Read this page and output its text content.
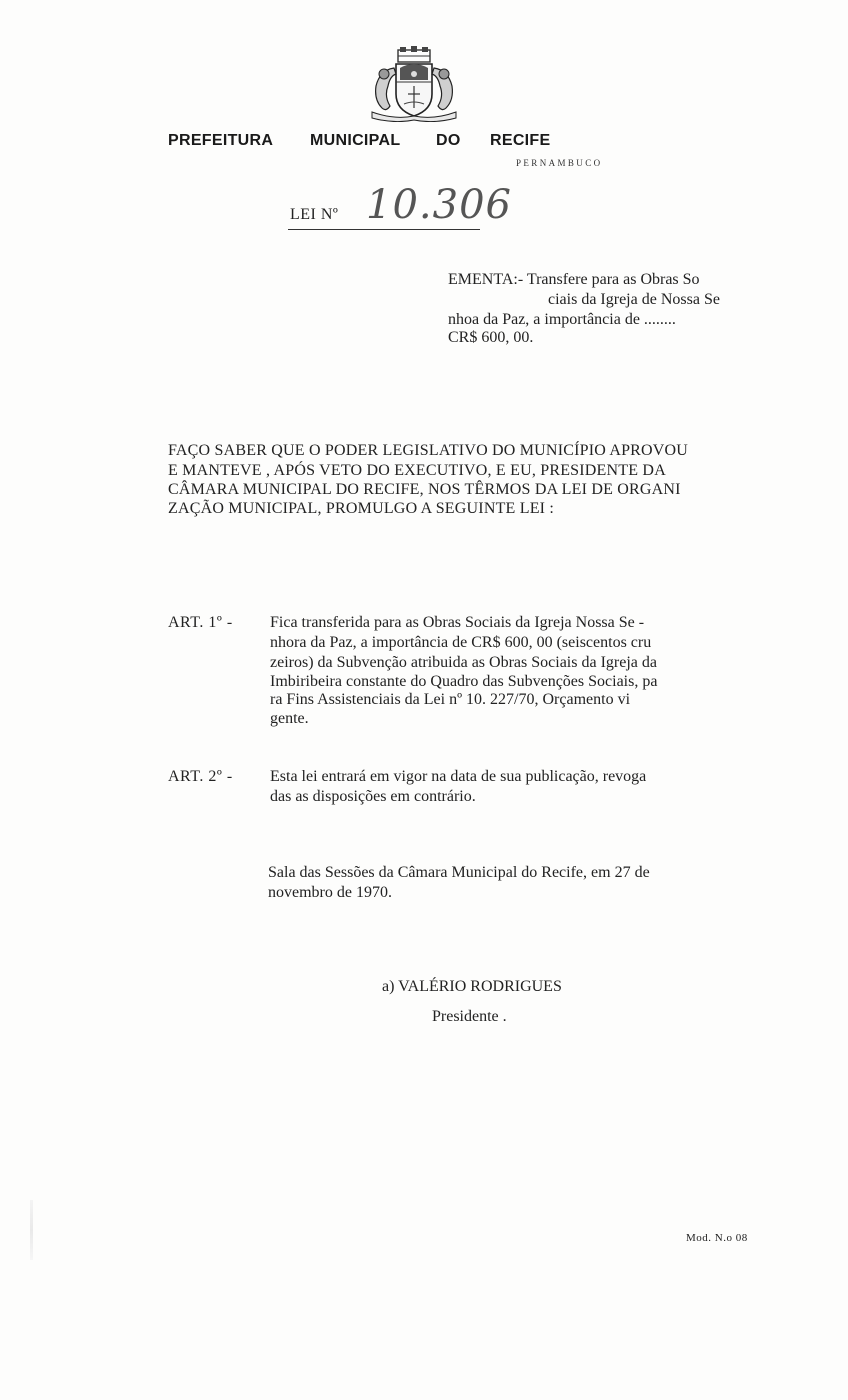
PREFEITURA MUNICIPAL DO RECIFE
PERNAMBUCO
LEI Nº 10.306
EMENTA:- Transfere para as Obras So
ciais da Igreja de Nossa Se
nhoa da Paz, a importância de ........
CR$ 600, 00.
FAÇO SABER QUE O PODER LEGISLATIVO DO MUNICÍPIO APROVOU
E MANTEVE , APÓS VETO DO EXECUTIVO, E EU, PRESIDENTE DA
CÂMARA MUNICIPAL DO RECIFE, NOS TÊRMOS DA LEI DE ORGANI
ZAÇÃO MUNICIPAL, PROMULGO A SEGUINTE LEI :
ART. 1º - Fica transferida para as Obras Sociais da Igreja Nossa Se -
nhora da Paz, a importância de CR$ 600, 00 (seiscentos cru
zeiros) da Subvenção atribuida as Obras Sociais da Igreja da
Imbiribeira constante do Quadro das Subvenções Sociais, pa
ra Fins Assistenciais da Lei nº 10. 227/70, Orçamento vi
gente.
ART. 2º - Esta lei entrará em vigor na data de sua publicação, revoga
das as disposições em contrário.
Sala das Sessões da Câmara Municipal do Recife, em 27 de
novembro de 1970.
a) VALÉRIO RODRIGUES
Presidente .
Mod. N.o 08
